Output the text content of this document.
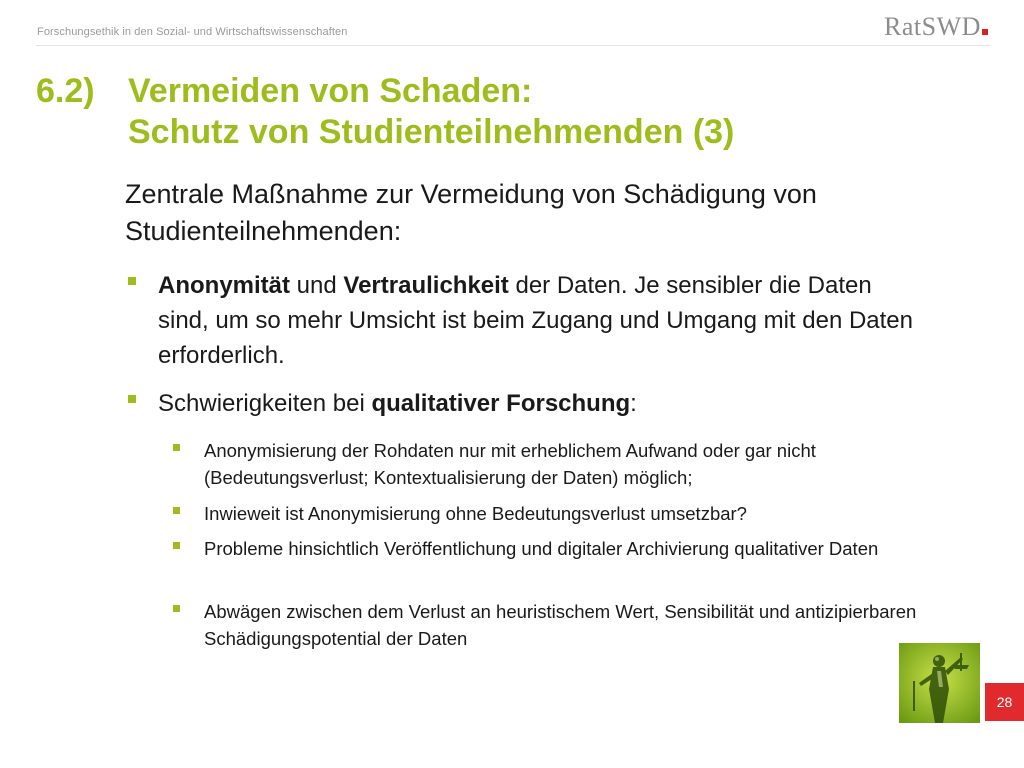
Forschungsethik in den Sozial- und Wirtschaftswissenschaften	RatSWD
6.2) Vermeiden von Schaden:
Schutz von Studienteilnehmenden (3)
Zentrale Maßnahme zur Vermeidung von Schädigung von Studienteilnehmenden:
Anonymität und Vertraulichkeit der Daten. Je sensibler die Daten sind, um so mehr Umsicht ist beim Zugang und Umgang mit den Daten erforderlich.
Schwierigkeiten bei qualitativer Forschung:
Anonymisierung der Rohdaten nur mit erheblichem Aufwand oder gar nicht (Bedeutungsverlust; Kontextualisierung der Daten) möglich;
Inwieweit ist Anonymisierung ohne Bedeutungsverlust umsetzbar?
Probleme hinsichtlich Veröffentlichung und digitaler Archivierung qualitativer Daten
Abwägen zwischen dem Verlust an heuristischem Wert, Sensibilität und antizipierbaren Schädigungspotential der Daten
28
